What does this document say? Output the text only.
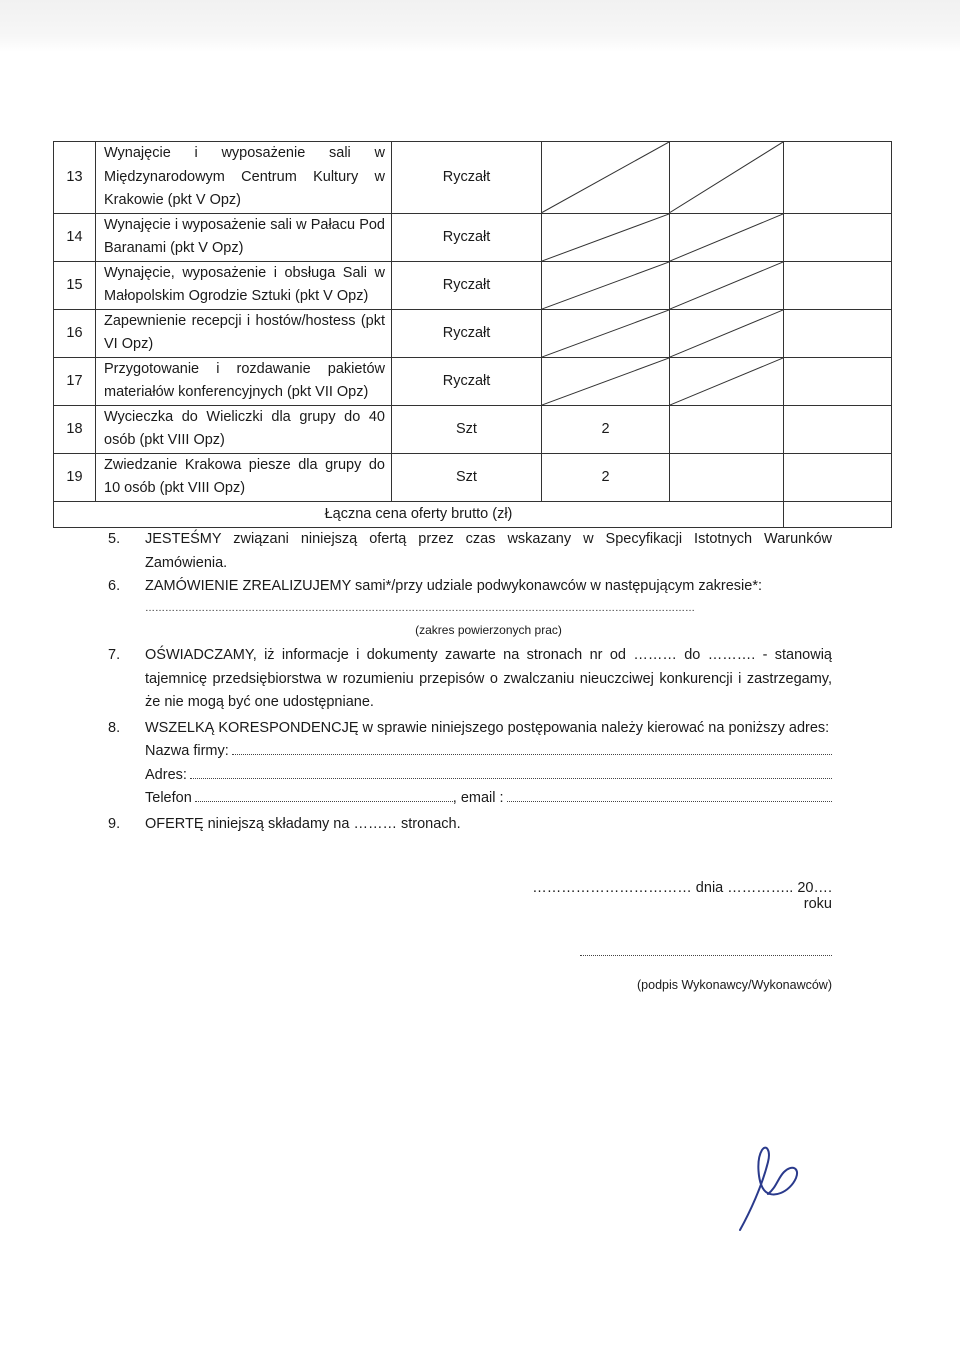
13	Wynajęcie i wyposażenie sali w Międzynarodowym Centrum Kultury w Krakowie (pkt V Opz)	Ryczałt	

14	Wynajęcie i wyposażenie sali w Pałacu Pod Baranami (pkt V Opz)	Ryczałt	

15	Wynajęcie, wyposażenie i obsługa Sali w Małopolskim Ogrodzie Sztuki (pkt V Opz)	Ryczałt	

16	Zapewnienie recepcji i hostów/hostess (pkt VI Opz)	Ryczałt	

17	Przygotowanie i rozdawanie pakietów materiałów konferencyjnych (pkt VII Opz)	Ryczałt	

18	Wycieczka do Wieliczki dla grupy do 40 osób (pkt VIII Opz)	Szt	2		
19	Zwiedzanie Krakowa piesze dla grupy do 10 osób (pkt VIII Opz)	Szt	2		
Łączna cena oferty brutto (zł)					
5.	JESTEŚMY związani niniejszą ofertą przez czas wskazany w Specyfikacji Istotnych Warunków Zamówienia.
6.	ZAMÓWIENIE ZREALIZUJEMY sami*/przy udziale podwykonawców w następującym zakresie*:
…………………………………………………………………………………………………………………………………………………
(zakres powierzonych prac)
7.	OŚWIADCZAMY, iż informacje i dokumenty zawarte na stronach nr od ……… do ………. - stanowią tajemnicę przedsiębiorstwa w rozumieniu przepisów o zwalczaniu nieuczciwej konkurencji i zastrzegamy, że nie mogą być one udostępniane.
8.	WSZELKĄ KORESPONDENCJĘ w sprawie niniejszego postępowania należy kierować na poniższy adres:
Nazwa firmy:
Adres:
Telefon	, email :
9.	OFERTĘ niniejszą składamy na ……… stronach.
…………………………… dnia ………….. 20…. roku
(podpis Wykonawcy/Wykonawców)
